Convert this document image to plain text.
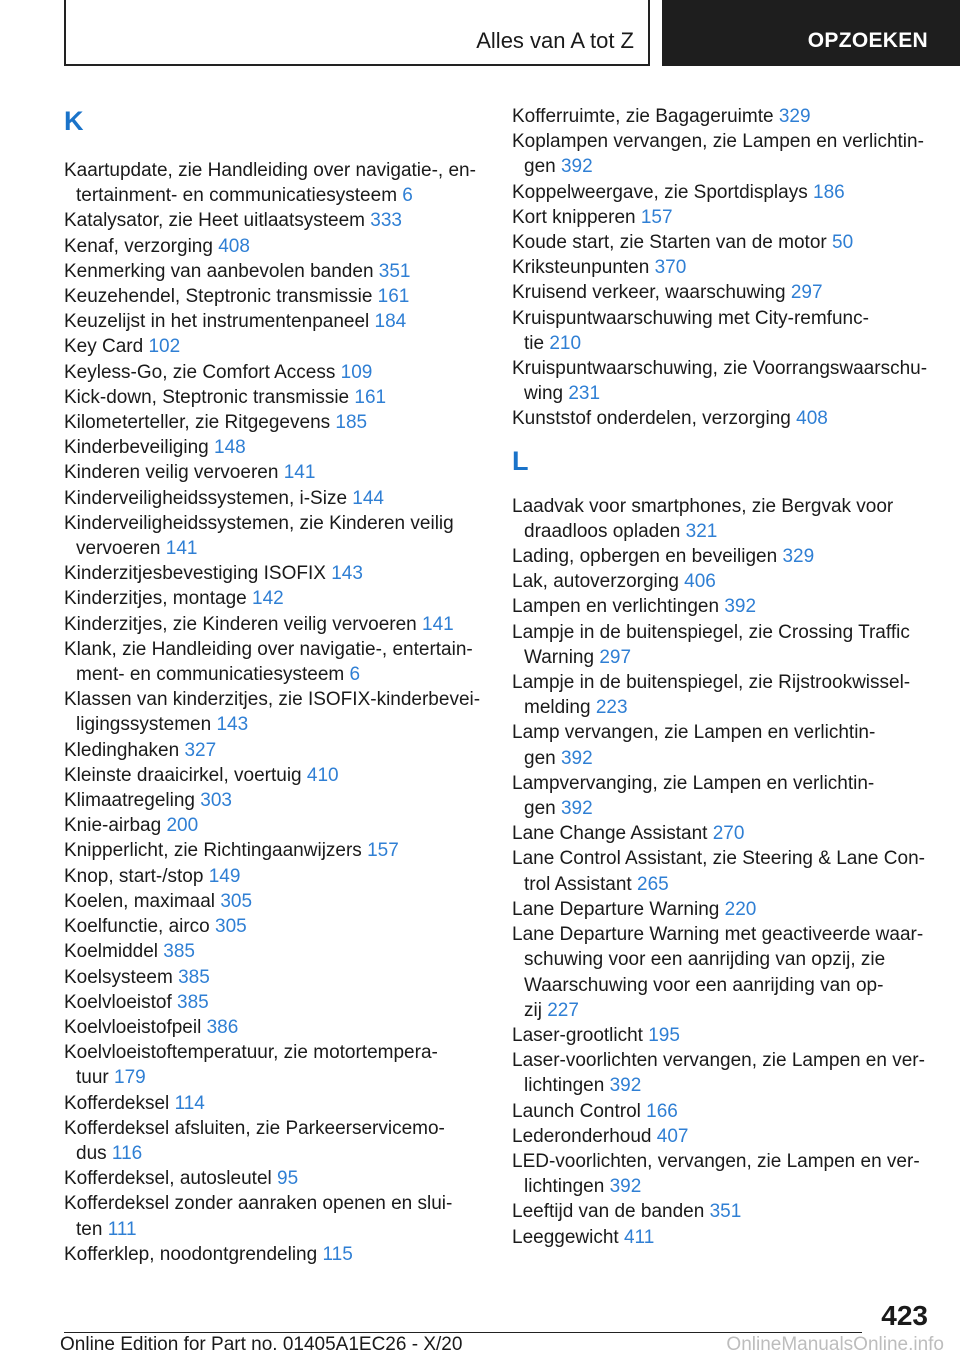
Alles van A tot Z	OPZOEKEN
K
Kaartupdate, zie Handleiding over navigatie-, en-
tertainment- en communicatiesysteem 6
Katalysator, zie Heet uitlaatsysteem 333
Kenaf, verzorging 408
Kenmerking van aanbevolen banden 351
Keuzehendel, Steptronic transmissie 161
Keuzelijst in het instrumentenpaneel 184
Key Card 102
Keyless-Go, zie Comfort Access 109
Kick-down, Steptronic transmissie 161
Kilometerteller, zie Ritgegevens 185
Kinderbeveiliging 148
Kinderen veilig vervoeren 141
Kinderveiligheidssystemen, i-Size 144
Kinderveiligheidssystemen, zie Kinderen veilig
vervoeren 141
Kinderzitjesbevestiging ISOFIX 143
Kinderzitjes, montage 142
Kinderzitjes, zie Kinderen veilig vervoeren 141
Klank, zie Handleiding over navigatie-, entertain-
ment- en communicatiesysteem 6
Klassen van kinderzitjes, zie ISOFIX-kinderbevei-
ligingssystemen 143
Kledinghaken 327
Kleinste draaicirkel, voertuig 410
Klimaatregeling 303
Knie-airbag 200
Knipperlicht, zie Richtingaanwijzers 157
Knop, start-/stop 149
Koelen, maximaal 305
Koelfunctie, airco 305
Koelmiddel 385
Koelsysteem 385
Koelvloeistof 385
Koelvloeistofpeil 386
Koelvloeistoftemperatuur, zie motortempera-
tuur 179
Kofferdeksel 114
Kofferdeksel afsluiten, zie Parkeerservicemo-
dus 116
Kofferdeksel, autosleutel 95
Kofferdeksel zonder aanraken openen en slui-
ten 111
Kofferklep, noodontgrendeling 115
Kofferruimte, zie Bagageruimte 329
Koplampen vervangen, zie Lampen en verlichtin-
gen 392
Koppelweergave, zie Sportdisplays 186
Kort knipperen 157
Koude start, zie Starten van de motor 50
Kriksteunpunten 370
Kruisend verkeer, waarschuwing 297
Kruispuntwaarschuwing met City-remfunc-
tie 210
Kruispuntwaarschuwing, zie Voorrangswaarschu-
wing 231
Kunststof onderdelen, verzorging 408
L
Laadvak voor smartphones, zie Bergvak voor
draadloos opladen 321
Lading, opbergen en beveiligen 329
Lak, autoverzorging 406
Lampen en verlichtingen 392
Lampje in de buitenspiegel, zie Crossing Traffic
Warning 297
Lampje in de buitenspiegel, zie Rijstrookwissel-
melding 223
Lamp vervangen, zie Lampen en verlichtin-
gen 392
Lampvervanging, zie Lampen en verlichtin-
gen 392
Lane Change Assistant 270
Lane Control Assistant, zie Steering & Lane Con-
trol Assistant 265
Lane Departure Warning 220
Lane Departure Warning met geactiveerde waar-
schuwing voor een aanrijding van opzij, zie
Waarschuwing voor een aanrijding van op-
zij 227
Laser-grootlicht 195
Laser-voorlichten vervangen, zie Lampen en ver-
lichtingen 392
Launch Control 166
Lederonderhoud 407
LED-voorlichten, vervangen, zie Lampen en ver-
lichtingen 392
Leeftijd van de banden 351
Leeggewicht 411
423
Online Edition for Part no. 01405A1EC26 - X/20	OnlineManualsOnline.info
